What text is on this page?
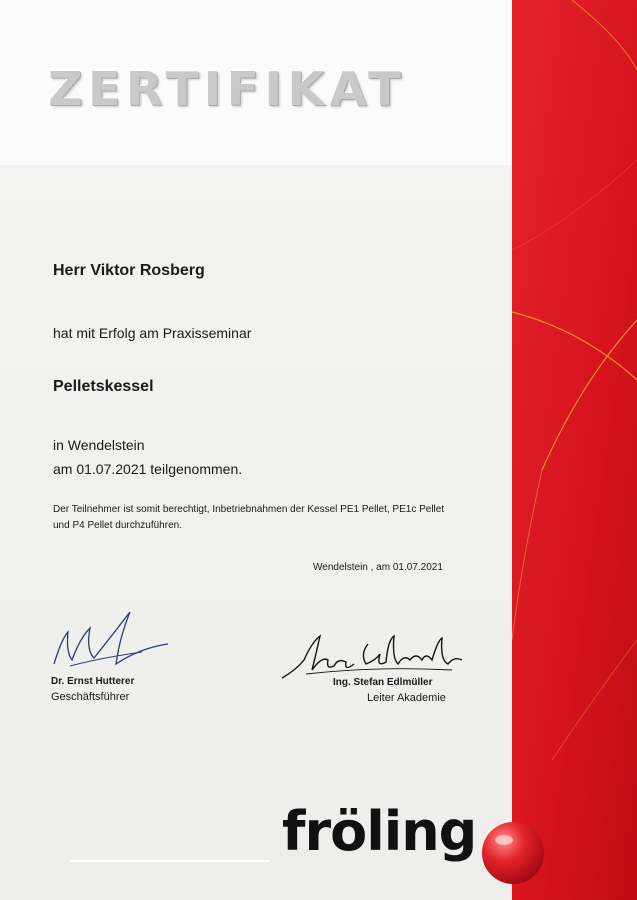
ZERTIFIKAT
Herr Viktor Rosberg
hat mit Erfolg am Praxisseminar
Pelletskessel
in Wendelstein
am 01.07.2021 teilgenommen.
Der Teilnehmer ist somit berechtigt, Inbetriebnahmen der Kessel PE1 Pellet, PE1c Pellet und P4 Pellet durchzuführen.
Wendelstein , am 01.07.2021
Dr. Ernst Hutterer
Geschäftsführer
Ing. Stefan Edlmüller
Leiter Akademie
fröling
